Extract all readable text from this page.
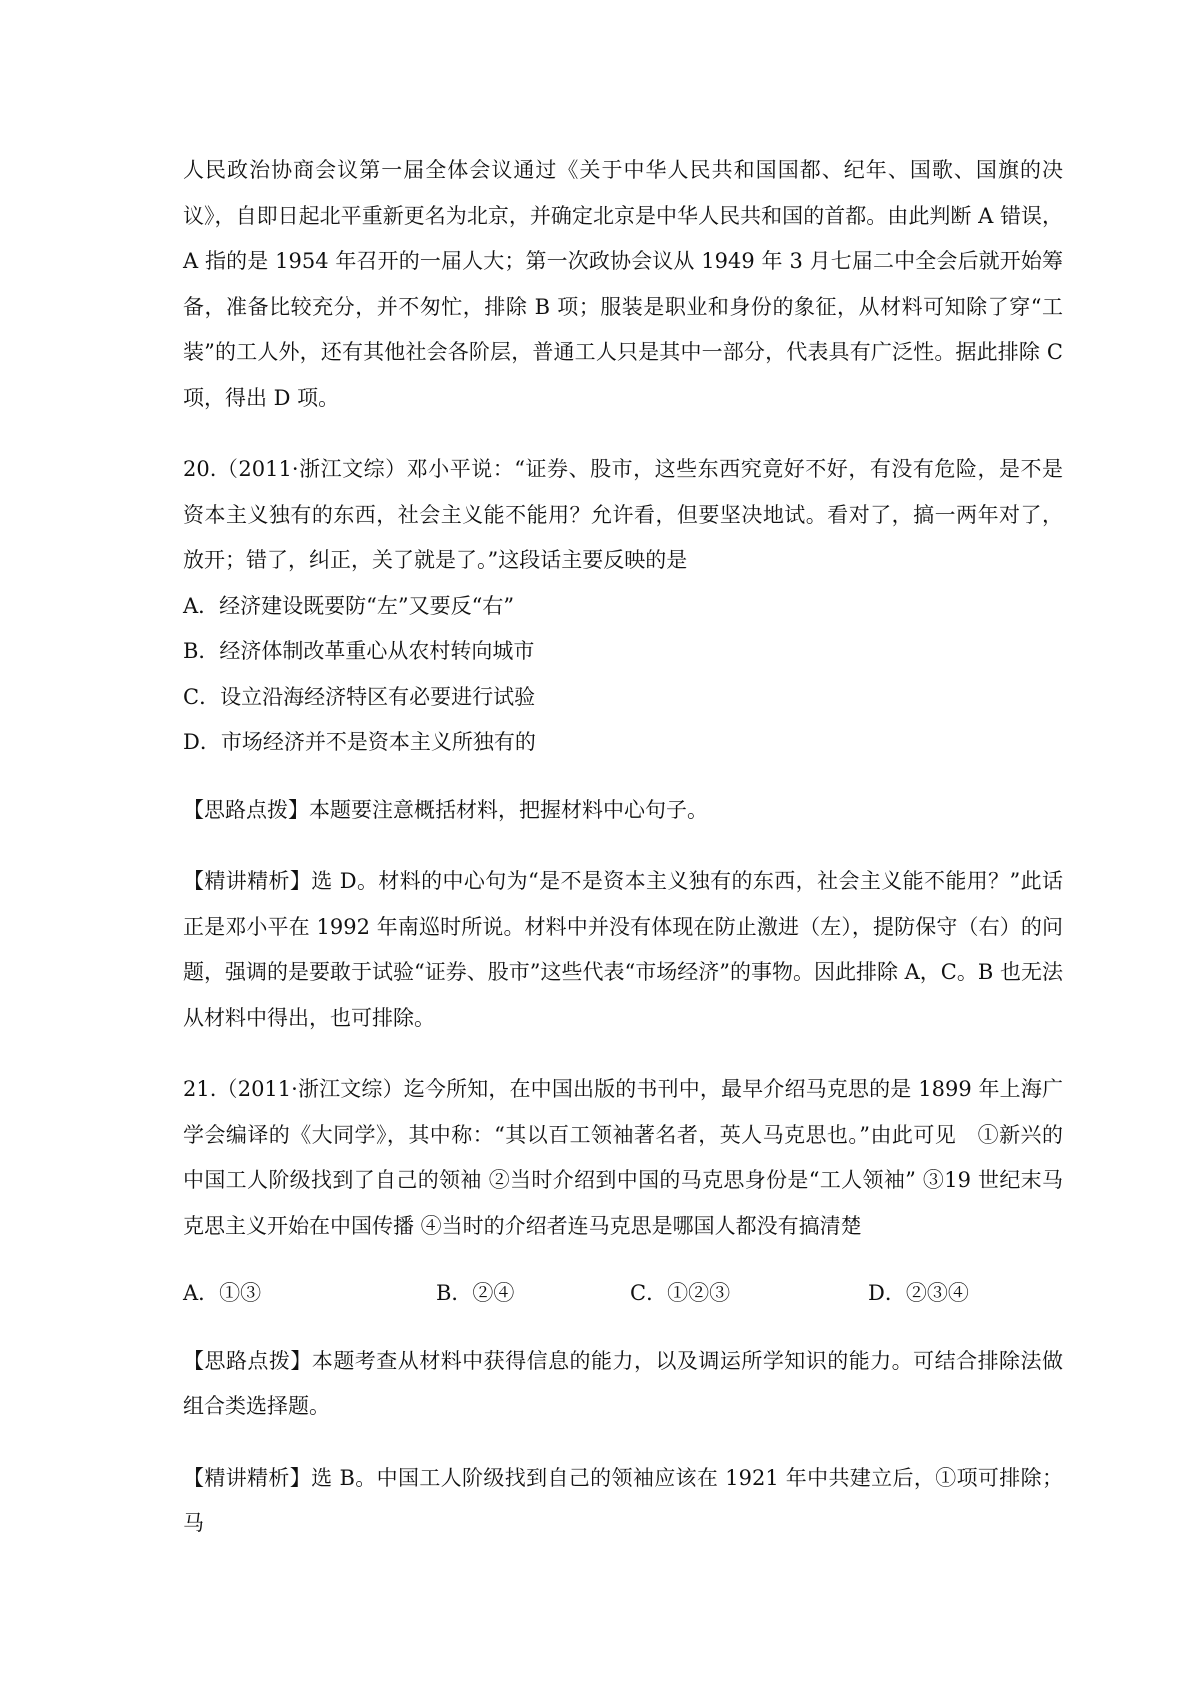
人民政治协商会议第一届全体会议通过《关于中华人民共和国国都、纪年、国歌、国旗的决议》，自即日起北平重新更名为北京，并确定北京是中华人民共和国的首都。由此判断 A 错误，A 指的是 1954 年召开的一届人大；第一次政协会议从 1949 年 3 月七届二中全会后就开始筹备，准备比较充分，并不匆忙，排除 B 项；服装是职业和身份的象征，从材料可知除了穿“工装”的工人外，还有其他社会各阶层，普通工人只是其中一部分，代表具有广泛性。据此排除 C 项，得出 D 项。

20.（2011·浙江文综）邓小平说：“证券、股市，这些东西究竟好不好，有没有危险，是不是资本主义独有的东西，社会主义能不能用？允许看，但要坚决地试。看对了，搞一两年对了，放开；错了，纠正，关了就是了。”这段话主要反映的是

A．经济建设既要防“左”又要反“右”

B．经济体制改革重心从农村转向城市

C．设立沿海经济特区有必要进行试验

D．市场经济并不是资本主义所独有的

【思路点拨】本题要注意概括材料，把握材料中心句子。

【精讲精析】选 D。材料的中心句为“是不是资本主义独有的东西，社会主义能不能用？”此话正是邓小平在 1992 年南巡时所说。材料中并没有体现在防止激进（左），提防保守（右）的问题，强调的是要敢于试验“证券、股市”这些代表“市场经济”的事物。因此排除 A，C。B 也无法从材料中得出，也可排除。

21.（2011·浙江文综）迄今所知，在中国出版的书刊中，最早介绍马克思的是 1899 年上海广学会编译的《大同学》，其中称：“其以百工领袖著名者，英人马克思也。”由此可见　①新兴的中国工人阶级找到了自己的领袖 ②当时介绍到中国的马克思身份是“工人领袖” ③19 世纪末马克思主义开始在中国传播 ④当时的介绍者连马克思是哪国人都没有搞清楚

A．①③	B．②④	C．①②③	D．②③④

【思路点拨】本题考查从材料中获得信息的能力，以及调运所学知识的能力。可结合排除法做组合类选择题。

【精讲精析】选 B。中国工人阶级找到自己的领袖应该在 1921 年中共建立后，①项可排除；马
